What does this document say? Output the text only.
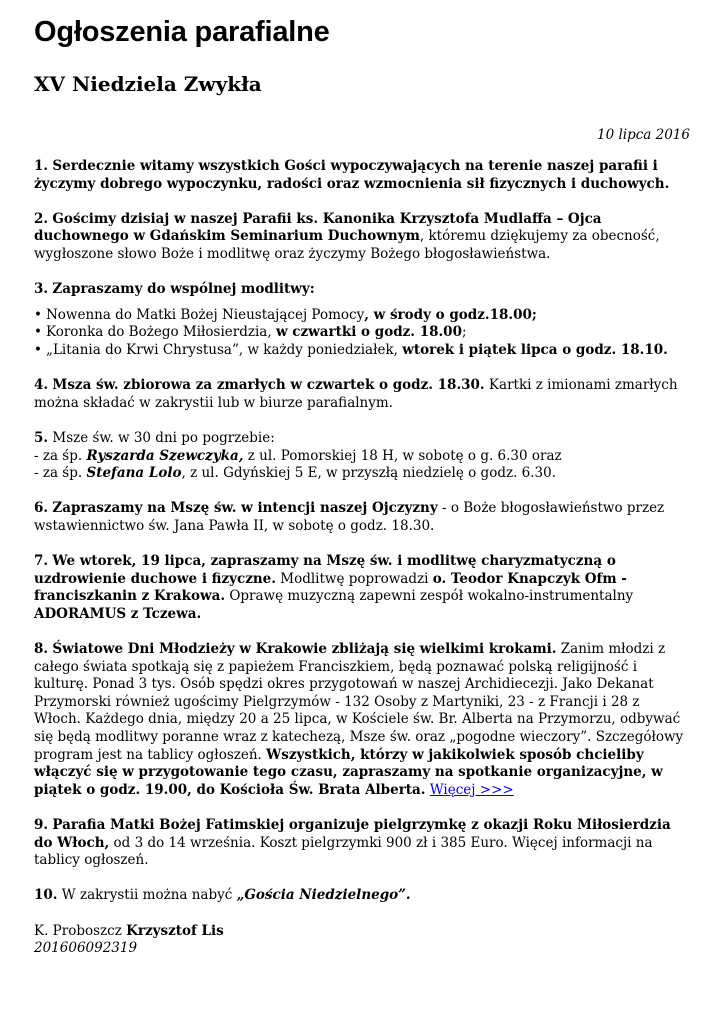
Ogłoszenia parafialne
XV Niedziela Zwykła
10 lipca 2016

1. Serdecznie witamy wszystkich Gości wypoczywających na terenie naszej parafii i życzymy dobrego wypoczynku, radości oraz wzmocnienia sił fizycznych i duchowych.

2. Gościmy dzisiaj w naszej Parafii ks. Kanonika Krzysztofa Mudlaffa – Ojca duchownego w Gdańskim Seminarium Duchownym, któremu dziękujemy za obecność, wygłoszone słowo Boże i modlitwę oraz życzymy Bożego błogosławieństwa.

3. Zapraszamy do wspólnej modlitwy:

• Nowenna do Matki Bożej Nieustającej Pomocy, w środy o godz.18.00;
• Koronka do Bożego Miłosierdzia, w czwartki o godz. 18.00;
• „Litania do Krwi Chrystusa”, w każdy poniedziałek, wtorek i piątek lipca o godz. 18.10.

4. Msza św. zbiorowa za zmarłych w czwartek o godz. 18.30. Kartki z imionami zmarłych można składać w zakrystii lub w biurze parafialnym.

5. Msze św. w 30 dni po pogrzebie:
- za śp. Ryszarda Szewczyka, z ul. Pomorskiej 18 H, w sobotę o g. 6.30 oraz
- za śp. Stefana Lolo, z ul. Gdyńskiej 5 E, w przyszłą niedzielę o godz. 6.30.

6. Zapraszamy na Mszę św. w intencji naszej Ojczyzny - o Boże błogosławieństwo przez wstawiennictwo św. Jana Pawła II, w sobotę o godz. 18.30.

7. We wtorek, 19 lipca, zapraszamy na Mszę św. i modlitwę charyzmatyczną o uzdrowienie duchowe i fizyczne. Modlitwę poprowadzi o. Teodor Knapczyk Ofm - franciszkanin z Krakowa. Oprawę muzyczną zapewni zespół wokalno-instrumentalny ADORAMUS z Tczewa.

8. Światowe Dni Młodzieży w Krakowie zbliżają się wielkimi krokami. Zanim młodzi z całego świata spotkają się z papieżem Franciszkiem, będą poznawać polską religijność i kulturę. Ponad 3 tys. Osób spędzi okres przygotowań w naszej Archidiecezji. Jako Dekanat Przymorski również ugościmy Pielgrzymów - 132 Osoby z Martyniki, 23 - z Francji i 28 z Włoch. Każdego dnia, między 20 a 25 lipca, w Kościele św. Br. Alberta na Przymorzu, odbywać się będą modlitwy poranne wraz z katechezą, Msze św. oraz „pogodne wieczory”. Szczegółowy program jest na tablicy ogłoszeń. Wszystkich, którzy w jakikolwiek sposób chcieliby włączyć się w przygotowanie tego czasu, zapraszamy na spotkanie organizacyjne, w piątek o godz. 19.00, do Kościoła Św. Brata Alberta. Więcej >>>

9. Parafia Matki Bożej Fatimskiej organizuje pielgrzymkę z okazji Roku Miłosierdzia do Włoch, od 3 do 14 września. Koszt pielgrzymki 900 zł i 385 Euro. Więcej informacji na tablicy ogłoszeń.

10. W zakrystii można nabyć „Gościa Niedzielnego”.

K. Proboszcz Krzysztof Lis
201606092319
